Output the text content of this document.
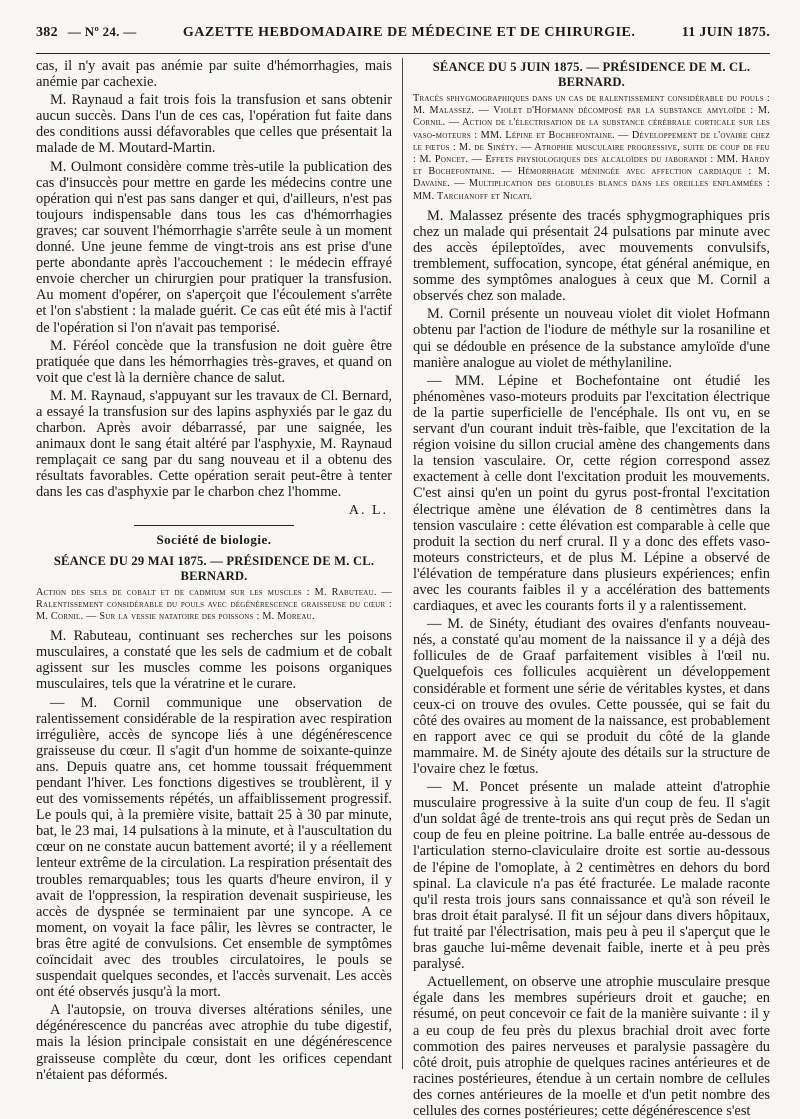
382 — Nº 24. —	GAZETTE HEBDOMADAIRE DE MÉDECINE ET DE CHIRURGIE.	11 JUIN 1875.

cas, il n'y avait pas anémie par suite d'hémorrhagies, mais anémie par cachexie.

M. Raynaud a fait trois fois la transfusion et sans obtenir aucun succès. Dans l'un de ces cas, l'opération fut faite dans des conditions aussi défavorables que celles que présentait la malade de M. Moutard-Martin.

M. Oulmont considère comme très-utile la publication des cas d'insuccès pour mettre en garde les médecins contre une opération qui n'est pas sans danger et qui, d'ailleurs, n'est pas toujours indispensable dans tous les cas d'hémorrhagies graves; car souvent l'hémorrhagie s'arrête seule à un moment donné. Une jeune femme de vingt-trois ans est prise d'une perte abondante après l'accouchement : le médecin effrayé envoie chercher un chirurgien pour pratiquer la transfusion. Au moment d'opérer, on s'aperçoit que l'écoulement s'arrête et l'on s'abstient : la malade guérit. Ce cas eût été mis à l'actif de l'opération si l'on n'avait pas temporisé.

M. Féréol concède que la transfusion ne doit guère être pratiquée que dans les hémorrhagies très-graves, et quand on voit que c'est là la dernière chance de salut.

M. M. Raynaud, s'appuyant sur les travaux de Cl. Bernard, a essayé la transfusion sur des lapins asphyxiés par le gaz du charbon. Après avoir débarrassé, par une saignée, les animaux dont le sang était altéré par l'asphyxie, M. Raynaud remplaçait ce sang par du sang nouveau et il a obtenu des résultats favorables. Cette opération serait peut-être à tenter dans les cas d'asphyxie par le charbon chez l'homme.

A. L.
Société de biologie.
SÉANCE DU 29 MAI 1875. — PRÉSIDENCE DE M. CL. BERNARD.

Action des sels de cobalt et de cadmium sur les muscles : M. Rabuteau. — Ralentissement considérable du pouls avec dégénérescence graisseuse du cœur : M. Cornil. — Sur la vessie natatoire des poissons : M. Moreau.

M. Rabuteau, continuant ses recherches sur les poisons musculaires, a constaté que les sels de cadmium et de cobalt agissent sur les muscles comme les poisons organiques musculaires, tels que la vératrine et le curare.

— M. Cornil communique une observation de ralentissement considérable de la respiration avec respiration irrégulière, accès de syncope liés à une dégénérescence graisseuse du cœur. Il s'agit d'un homme de soixante-quinze ans. Depuis quatre ans, cet homme toussait fréquemment pendant l'hiver. Les fonctions digestives se troublèrent, il y eut des vomissements répétés, un affaiblissement progressif. Le pouls qui, à la première visite, battait 25 à 30 par minute, bat, le 23 mai, 14 pulsations à la minute, et à l'auscultation du cœur on ne constate aucun battement avorté; il y a réellement lenteur extrême de la circulation. La respiration présentait des troubles remarquables; tous les quarts d'heure environ, il y avait de l'oppression, la respiration devenait suspirieuse, les accès de dyspnée se terminaient par une syncope. A ce moment, on voyait la face pâlir, les lèvres se contracter, le bras être agité de convulsions. Cet ensemble de symptômes coïncidait avec des troubles circulatoires, le pouls se suspendait quelques secondes, et l'accès survenait. Les accès ont été observés jusqu'à la mort.

A l'autopsie, on trouva diverses altérations séniles, une dégénérescence du pancréas avec atrophie du tube digestif, mais la lésion principale consistait en une dégénérescence graisseuse complète du cœur, dont les orifices cependant n'étaient pas déformés.

SÉANCE DU 5 JUIN 1875. — PRÉSIDENCE DE M. CL. BERNARD.

Tracés sphygmographiques dans un cas de ralentissement considérable du pouls : M. Malassez. — Violet d'Hofmann décomposé par la substance amyloïde : M. Cornil. — Action de l'électrisation de la substance cérébrale corticale sur les vaso-moteurs : MM. Lépine et Bochefontaine. — Développement de l'ovaire chez le fœtus : M. de Sinéty. — Atrophie musculaire progressive, suite de coup de feu : M. Poncet. — Effets physiologiques des alcaloïdes du jaborandi : MM. Hardy et Bochefontaine. — Hémorrhagie méningée avec affection cardiaque : M. Davaine. — Multiplication des globules blancs dans les oreilles enflammées : MM. Tarchanoff et Nicati.

M. Malassez présente des tracés sphygmographiques pris chez un malade qui présentait 24 pulsations par minute avec des accès épileptoïdes, avec mouvements convulsifs, tremblement, suffocation, syncope, état général anémique, en somme des symptômes analogues à ceux que M. Cornil a observés chez son malade.

M. Cornil présente un nouveau violet dit violet Hofmann obtenu par l'action de l'iodure de méthyle sur la rosaniline et qui se dédouble en présence de la substance amyloïde d'une manière analogue au violet de méthylaniline.

— MM. Lépine et Bochefontaine ont étudié les phénomènes vaso-moteurs produits par l'excitation électrique de la partie superficielle de l'encéphale. Ils ont vu, en se servant d'un courant induit très-faible, que l'excitation de la région voisine du sillon crucial amène des changements dans la tension vasculaire. Or, cette région correspond assez exactement à celle dont l'excitation produit les mouvements. C'est ainsi qu'en un point du gyrus post-frontal l'excitation électrique amène une élévation de 8 centimètres dans la tension vasculaire : cette élévation est comparable à celle que produit la section du nerf crural. Il y a donc des effets vaso-moteurs constricteurs, et de plus M. Lépine a observé de l'élévation de température dans plusieurs expériences; enfin avec les courants faibles il y a accélération des battements cardiaques, et avec les courants forts il y a ralentissement.

— M. de Sinéty, étudiant des ovaires d'enfants nouveau-nés, a constaté qu'au moment de la naissance il y a déjà des follicules de de Graaf parfaitement visibles à l'œil nu. Quelquefois ces follicules acquièrent un développement considérable et forment une série de véritables kystes, et dans ceux-ci on trouve des ovules. Cette poussée, qui se fait du côté des ovaires au moment de la naissance, est probablement en rapport avec ce qui se produit du côté de la glande mammaire. M. de Sinéty ajoute des détails sur la structure de l'ovaire chez le fœtus.

— M. Poncet présente un malade atteint d'atrophie musculaire progressive à la suite d'un coup de feu. Il s'agit d'un soldat âgé de trente-trois ans qui reçut près de Sedan un coup de feu en pleine poitrine. La balle entrée au-dessous de l'articulation sterno-claviculaire droite est sortie au-dessous de l'épine de l'omoplate, à 2 centimètres en dehors du bord spinal. La clavicule n'a pas été fracturée. Le malade raconte qu'il resta trois jours sans connaissance et qu'à son réveil le bras droit était paralysé. Il fit un séjour dans divers hôpitaux, fut traité par l'électrisation, mais peu à peu il s'aperçut que le bras gauche lui-même devenait faible, inerte et à peu près paralysé.

Actuellement, on observe une atrophie musculaire presque égale dans les membres supérieurs droit et gauche; en résumé, on peut concevoir ce fait de la manière suivante : il y a eu coup de feu près du plexus brachial droit avec forte commotion des paires nerveuses et paralysie passagère du côté droit, puis atrophie de quelques racines antérieures et de racines postérieures, étendue à un certain nombre de cellules des cornes antérieures de la moelle et d'un petit nombre des cellules des cornes postérieures; cette dégénérescence s'est
